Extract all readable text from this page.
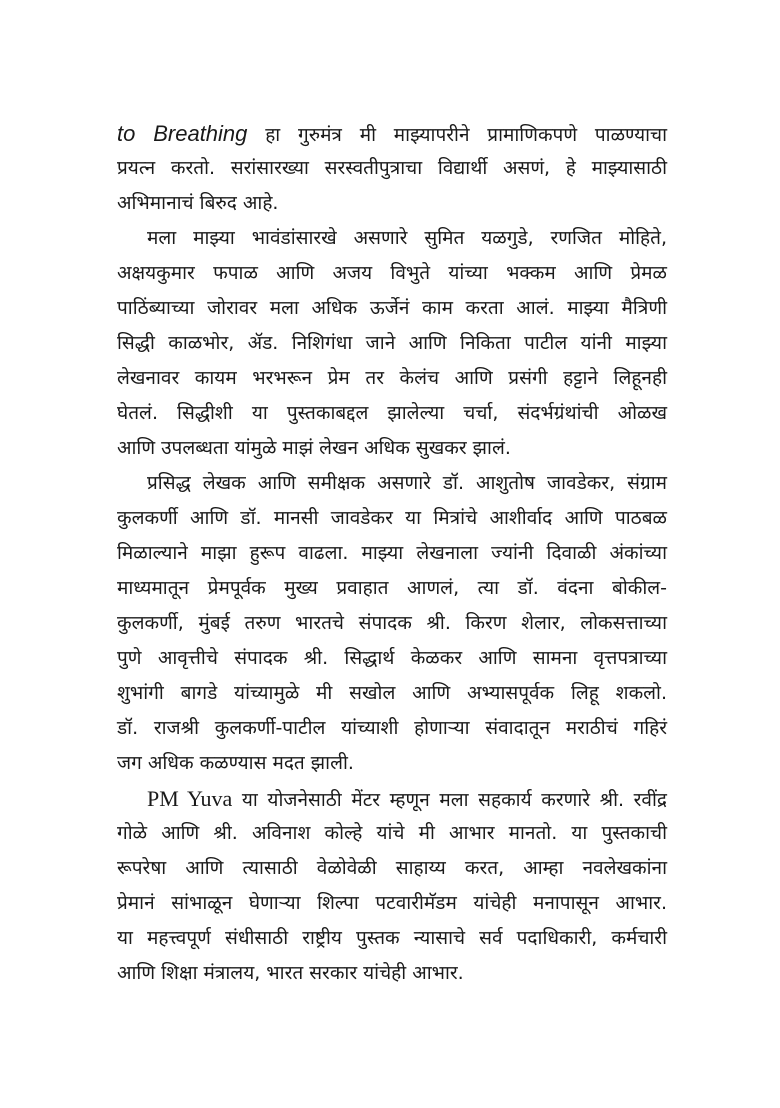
to Breathing हा गुरुमंत्र मी माझ्यापरीने प्रामाणिकपणे पाळण्याचा
प्रयत्न करतो. सरांसारख्या सरस्वतीपुत्राचा विद्यार्थी असणं, हे माझ्यासाठी
अभिमानाचं बिरुद आहे.
मला माझ्या भावंडांसारखे असणारे सुमित यळगुडे, रणजित मोहिते,
अक्षयकुमार फपाळ आणि अजय विभुते यांच्या भक्कम आणि प्रेमळ
पाठिंब्याच्या जोरावर मला अधिक ऊर्जेनं काम करता आलं. माझ्या मैत्रिणी
सिद्धी काळभोर, ॲड. निशिगंधा जाने आणि निकिता पाटील यांनी माझ्या
लेखनावर कायम भरभरून प्रेम तर केलंच आणि प्रसंगी हट्टाने लिहूनही
घेतलं. सिद्धीशी या पुस्तकाबद्दल झालेल्या चर्चा, संदर्भग्रंथांची ओळख
आणि उपलब्धता यांमुळे माझं लेखन अधिक सुखकर झालं.
प्रसिद्ध लेखक आणि समीक्षक असणारे डॉ. आशुतोष जावडेकर, संग्राम
कुलकर्णी आणि डॉ. मानसी जावडेकर या मित्रांचे आशीर्वाद आणि पाठबळ
मिळाल्याने माझा हुरूप वाढला. माझ्या लेखनाला ज्यांनी दिवाळी अंकांच्या
माध्यमातून प्रेमपूर्वक मुख्य प्रवाहात आणलं, त्या डॉ. वंदना बोकील-
कुलकर्णी, मुंबई तरुण भारतचे संपादक श्री. किरण शेलार, लोकसत्ताच्या
पुणे आवृत्तीचे संपादक श्री. सिद्धार्थ केळकर आणि सामना वृत्तपत्राच्या
शुभांगी बागडे यांच्यामुळे मी सखोल आणि अभ्यासपूर्वक लिहू शकलो.
डॉ. राजश्री कुलकर्णी-पाटील यांच्याशी होणाऱ्या संवादातून मराठीचं गहिरं
जग अधिक कळण्यास मदत झाली.
PM Yuva या योजनेसाठी मेंटर म्हणून मला सहकार्य करणारे श्री. रवींद्र
गोळे आणि श्री. अविनाश कोल्हे यांचे मी आभार मानतो. या पुस्तकाची
रूपरेषा आणि त्यासाठी वेळोवेळी साहाय्य करत, आम्हा नवलेखकांना
प्रेमानं सांभाळून घेणाऱ्या शिल्पा पटवारीमॅडम यांचेही मनापासून आभार.
या महत्त्वपूर्ण संधीसाठी राष्ट्रीय पुस्तक न्यासाचे सर्व पदाधिकारी, कर्मचारी
आणि शिक्षा मंत्रालय, भारत सरकार यांचेही आभार.
